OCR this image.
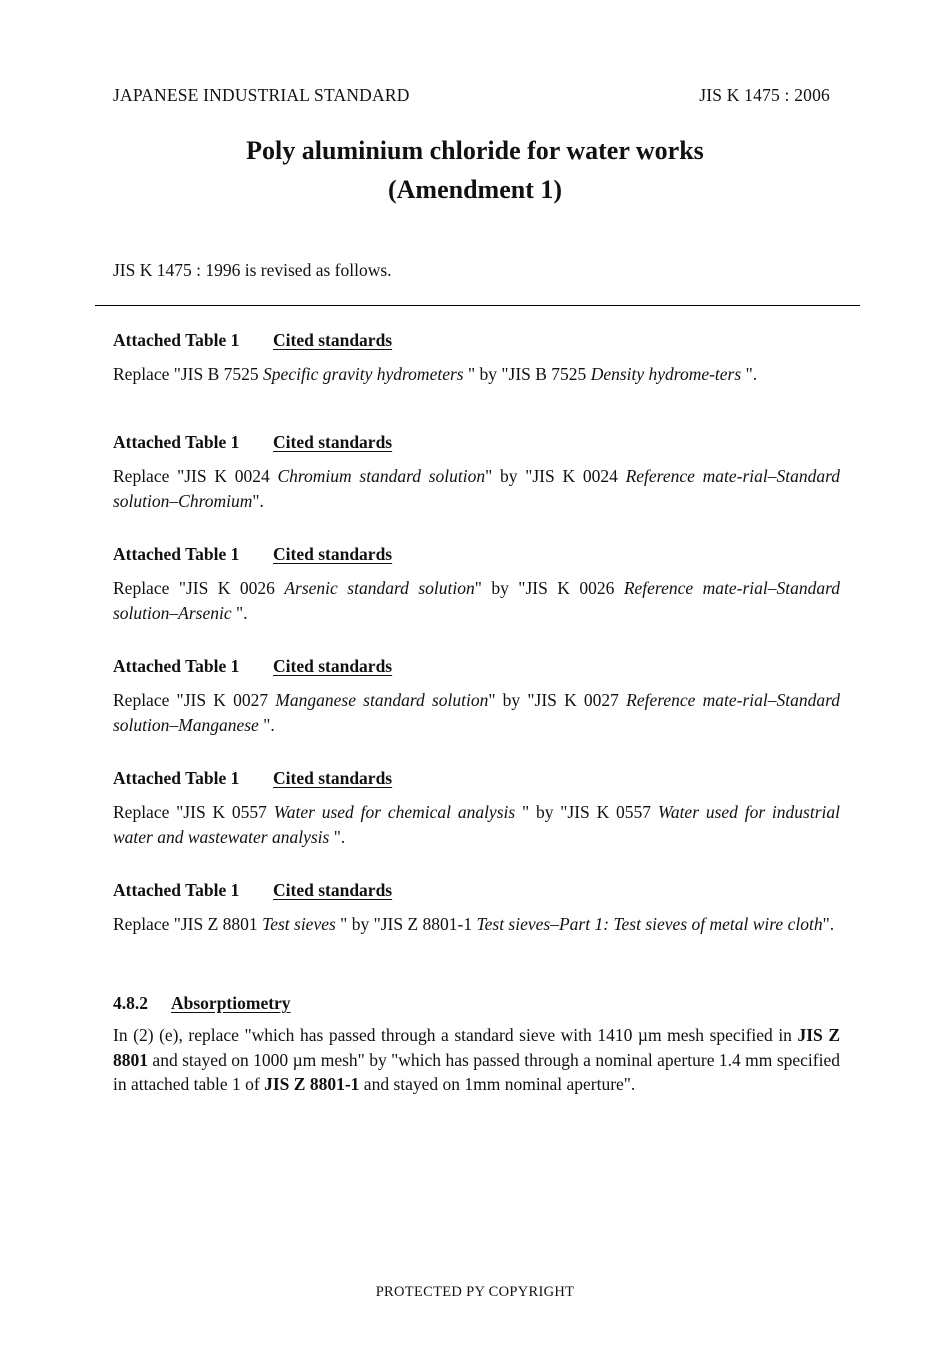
JAPANESE INDUSTRIAL STANDARD	JIS K 1475 : 2006
Poly aluminium chloride for water works
(Amendment 1)
JIS K 1475 : 1996 is revised as follows.
Attached Table 1 Cited standards
Replace "JIS B 7525 Specific gravity hydrometers " by "JIS B 7525 Density hydrome-ters ".
Attached Table 1 Cited standards
Replace "JIS K 0024 Chromium standard solution" by "JIS K 0024 Reference mate-rial–Standard solution–Chromium".
Attached Table 1 Cited standards
Replace "JIS K 0026 Arsenic standard solution" by "JIS K 0026 Reference mate-rial–Standard solution–Arsenic ".
Attached Table 1 Cited standards
Replace "JIS K 0027 Manganese standard solution" by "JIS K 0027 Reference mate-rial–Standard solution–Manganese ".
Attached Table 1 Cited standards
Replace "JIS K 0557 Water used for chemical analysis " by "JIS K 0557 Water used for industrial water and wastewater analysis ".
Attached Table 1 Cited standards
Replace "JIS Z 8801 Test sieves " by "JIS Z 8801-1 Test sieves–Part 1: Test sieves of metal wire cloth".
4.8.2 Absorptiometry
In (2) (e), replace "which has passed through a standard sieve with 1410 µm mesh specified in JIS Z 8801 and stayed on 1000 µm mesh" by "which has passed through a nominal aperture 1.4 mm specified in attached table 1 of JIS Z 8801-1 and stayed on 1mm nominal aperture".
PROTECTED PY COPYRIGHT
